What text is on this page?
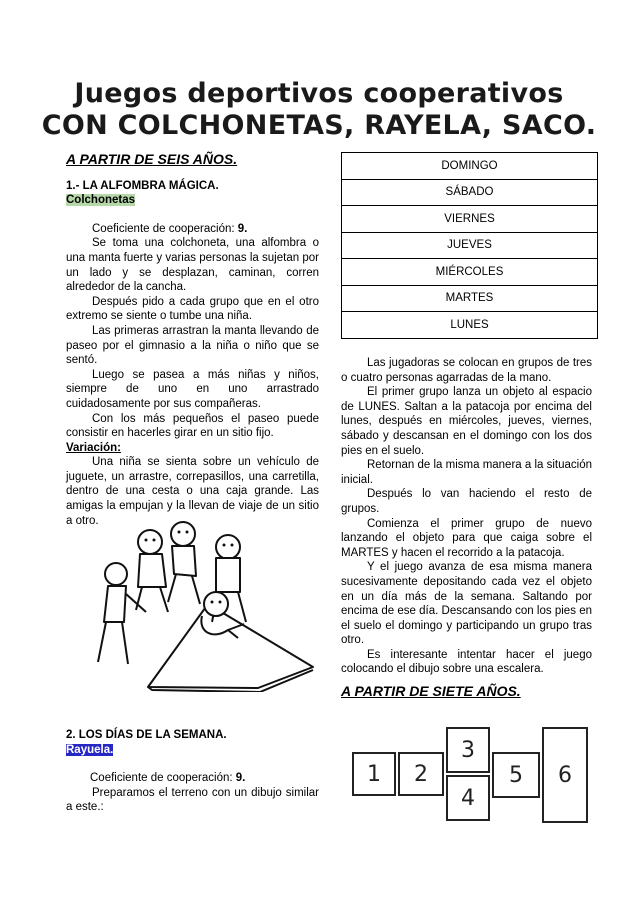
Juegos deportivos cooperativos
CON COLCHONETAS, RAYELA, SACO.
A PARTIR DE SEIS AÑOS.
1.- LA ALFOMBRA MÁGICA.
Colchonetas

Coeficiente de cooperación: 9.

Se toma una colchoneta, una alfombra o una manta fuerte y varias personas la sujetan por un lado y se desplazan, caminan, corren alrededor de la cancha.

Después pido a cada grupo que en el otro extremo se siente o tumbe una niña.

Las primeras arrastran la manta llevando de paseo por el gimnasio a la niña o niño que se sentó.

Luego se pasea a más niñas y niños, siempre de uno en uno arrastrado cuidadosamente por sus compañeras.

Con los más pequeños el paseo puede consistir en hacerles girar en un sitio fijo.

Variación:

Una niña se sienta sobre un vehículo de juguete, un arrastre, correpasillos, una carretilla, dentro de una cesta o una caja grande. Las amigas la empujan y la llevan de viaje de un sitio a otro.

2. LOS DÍAS DE LA SEMANA.
Rayuela.

Coeficiente de cooperación: 9.

Preparamos el terreno con un dibujo similar a este.:

DOMINGO
SÁBADO
VIERNES
JUEVES
MIÉRCOLES
MARTES
LUNES

Las jugadoras se colocan en grupos de tres o cuatro personas agarradas de la mano.

El primer grupo lanza un objeto al espacio de LUNES. Saltan a la patacoja por encima del lunes, después en miércoles, jueves, viernes, sábado y descansan en el domingo con los dos pies en el suelo.

Retornan de la misma manera a la situación inicial.

Después lo van haciendo el resto de grupos.

Comienza el primer grupo de nuevo lanzando el objeto para que caiga sobre el MARTES y hacen el recorrido a la patacoja.

Y el juego avanza de esa misma manera sucesivamente depositando cada vez el objeto en un día más de la semana. Saltando por encima de ese día. Descansando con los pies en el suelo el domingo y participando un grupo tras otro.

Es interesante intentar hacer el juego colocando el dibujo sobre una escalera.

A PARTIR DE SIETE AÑOS.
1 2
3
4
5 6
